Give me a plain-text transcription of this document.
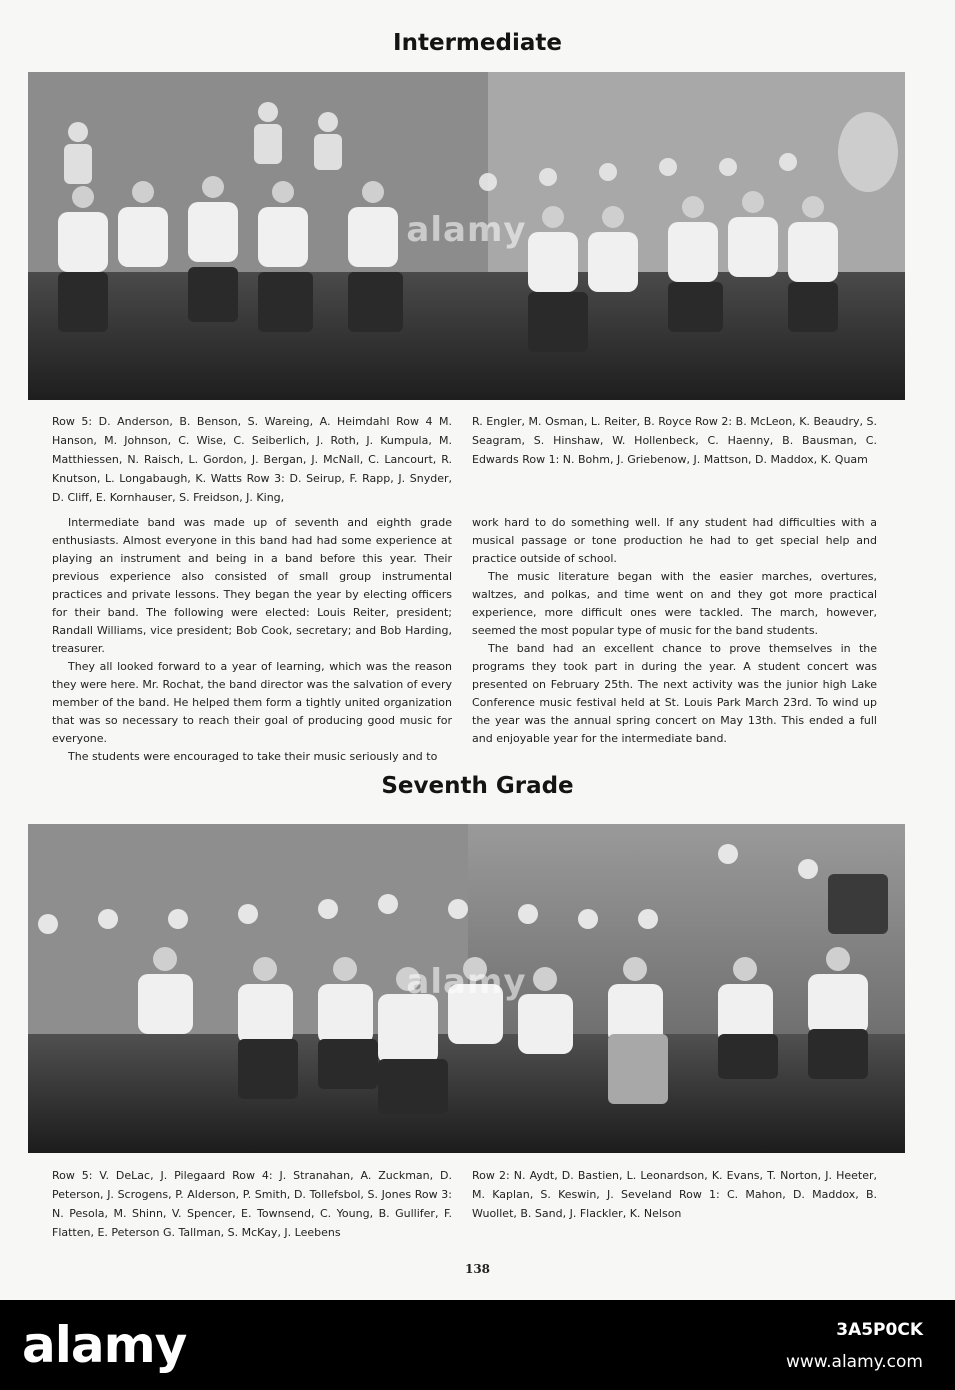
Intermediate
alamy
Row 5: D. Anderson, B. Benson, S. Wareing, A. Heimdahl Row 4 M. Hanson, M. Johnson, C. Wise, C. Seiberlich, J. Roth, J. Kumpula, M. Matthiessen, N. Raisch, L. Gordon, J. Bergan, J. McNall, C. Lancourt, R. Knutson, L. Longabaugh, K. Watts Row 3: D. Seirup, F. Rapp, J. Snyder, D. Cliff, E. Kornhauser, S. Freidson, J. King,
R. Engler, M. Osman, L. Reiter, B. Royce Row 2: B. McLeon, K. Beaudry, S. Seagram, S. Hinshaw, W. Hollenbeck, C. Haenny, B. Bausman, C. Edwards Row 1: N. Bohm, J. Griebenow, J. Mattson, D. Maddox, K. Quam

Intermediate band was made up of seventh and eighth grade enthusiasts. Almost everyone in this band had had some experience at playing an instrument and being in a band before this year. Their previous experience also consisted of small group instrumental practices and private lessons. They began the year by electing officers for their band. The following were elected: Louis Reiter, president; Randall Williams, vice president; Bob Cook, secretary; and Bob Harding, treasurer.

They all looked forward to a year of learning, which was the reason they were here. Mr. Rochat, the band director was the salvation of every member of the band. He helped them form a tightly united organization that was so necessary to reach their goal of producing good music for everyone.

The students were encouraged to take their music seriously and to

work hard to do something well. If any student had difficulties with a musical passage or tone production he had to get special help and practice outside of school.

The music literature began with the easier marches, overtures, waltzes, and polkas, and time went on and they got more practical experience, more difficult ones were tackled. The march, however, seemed the most popular type of music for the band students.

The band had an excellent chance to prove themselves in the programs they took part in during the year. A student concert was presented on February 25th. The next activity was the junior high Lake Conference music festival held at St. Louis Park March 23rd. To wind up the year was the annual spring concert on May 13th. This ended a full and enjoyable year for the intermediate band.

Seventh Grade
alamy
Row 5: V. DeLac, J. Pilegaard Row 4: J. Stranahan, A. Zuckman, D. Peterson, J. Scrogens, P. Alderson, P. Smith, D. Tollefsbol, S. Jones Row 3: N. Pesola, M. Shinn, V. Spencer, E. Townsend, C. Young, B. Gullifer, F. Flatten, E. Peterson G. Tallman, S. McKay, J. Leebens
Row 2: N. Aydt, D. Bastien, L. Leonardson, K. Evans, T. Norton, J. Heeter, M. Kaplan, S. Keswin, J. Seveland Row 1: C. Mahon, D. Maddox, B. Wuollet, B. Sand, J. Flackler, K. Nelson
138
alamy	3A5P0CK
www.alamy.com
